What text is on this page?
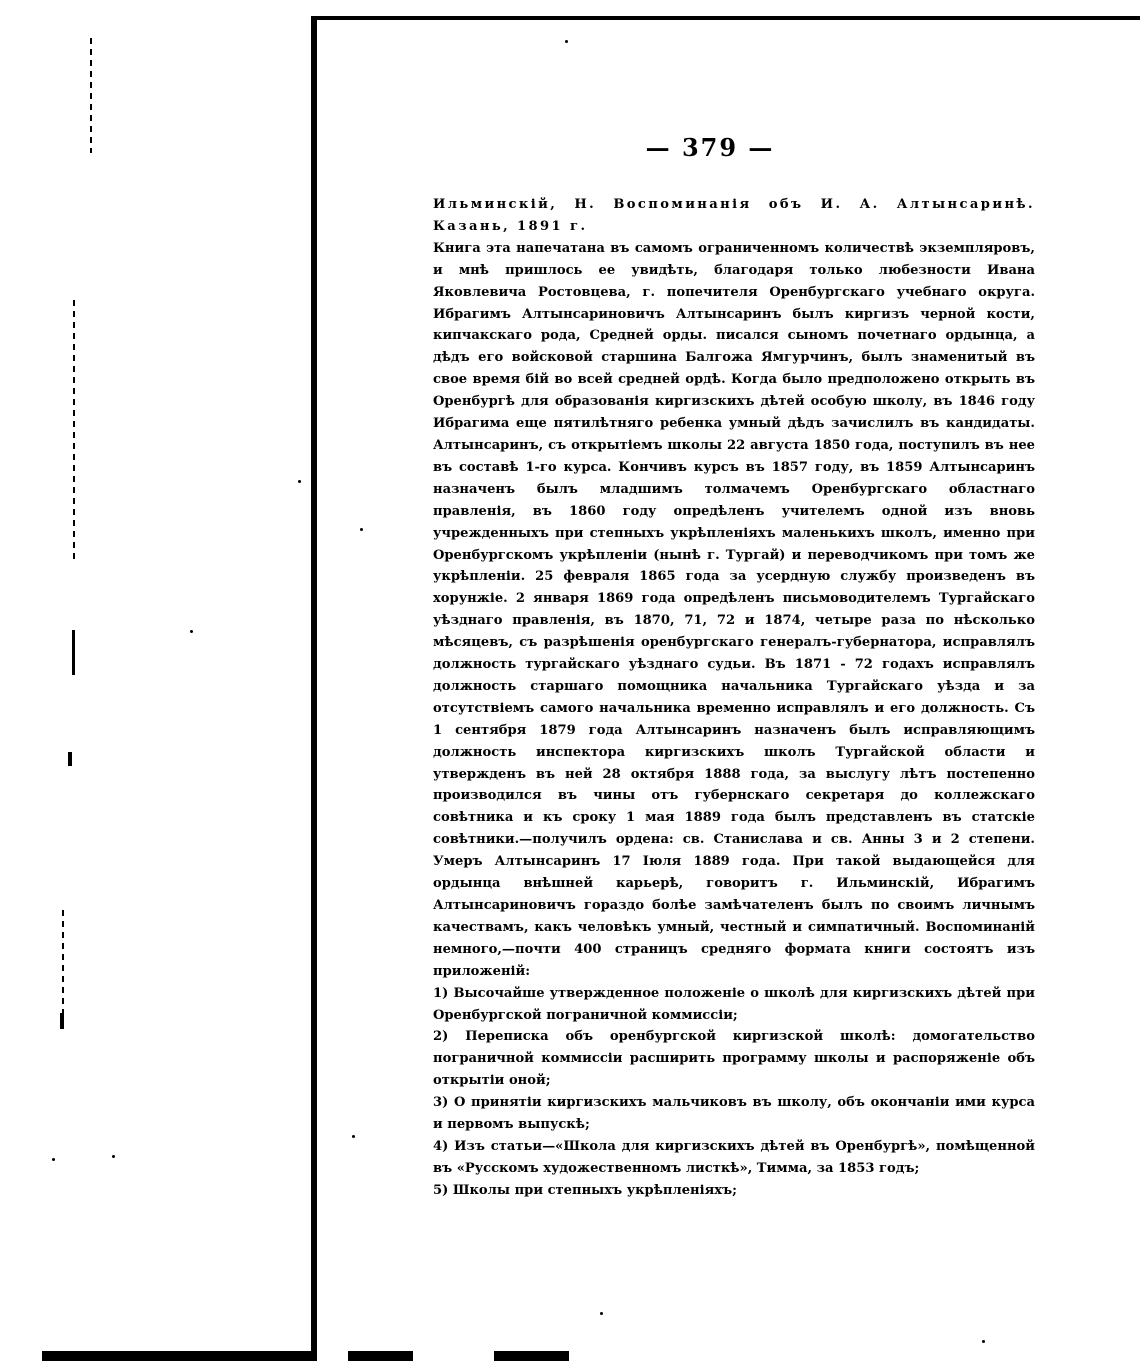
— 379 —

Ильминскій, Н. Воспоминанія объ И. А. Алтынсаринѣ. Казань, 1891 г.

Книга эта напечатана въ самомъ ограниченномъ количествѣ экземпляровъ, и мнѣ пришлось ее увидѣть, благодаря только любезности Ивана Яковлевича Ростовцева, г. попечителя Оренбургскаго учебнаго округа. Ибрагимъ Алтынсариновичъ Алтынсаринъ былъ киргизъ черной кости, кипчакскаго рода, Средней орды. писался сыномъ почетнаго ордынца, а дѣдъ его войсковой старшина Балгожа Ямгурчинъ, былъ знаменитый въ свое время бій во всей средней ордѣ. Когда было предположено открыть въ Оренбургѣ для образованія киргизскихъ дѣтей особую школу, въ 1846 году Ибрагима еще пятилѣтняго ребенка умный дѣдъ зачислилъ въ кандидаты. Алтынсаринъ, съ открытіемъ школы 22 августа 1850 года, поступилъ въ нее въ составѣ 1-го курса. Кончивъ курсъ въ 1857 году, въ 1859 Алтынсаринъ назначенъ былъ младшимъ толмачемъ Оренбургскаго областнаго правленія, въ 1860 году опредѣленъ учителемъ одной изъ вновь учрежденныхъ при степныхъ укрѣпленіяхъ маленькихъ школъ, именно при Оренбургскомъ укрѣпленіи (нынѣ г. Тургай) и переводчикомъ при томъ же укрѣпленіи. 25 февраля 1865 года за усердную службу произведенъ въ хорунжіе. 2 января 1869 года опредѣленъ письмоводителемъ Тургайскаго уѣзднаго правленія, въ 1870, 71, 72 и 1874, четыре раза по нѣсколько мѣсяцевъ, съ разрѣшенія оренбургскаго генералъ-губернатора, исправлялъ должность тургайскаго уѣзднаго судьи. Въ 1871 - 72 годахъ исправлялъ должность старшаго помощника начальника Тургайскаго уѣзда и за отсутствіемъ самого начальника временно исправлялъ и его должность. Съ 1 сентября 1879 года Алтынсаринъ назначенъ былъ исправляющимъ должность инспектора киргизскихъ школъ Тургайской области и утвержденъ въ ней 28 октября 1888 года, за выслугу лѣтъ постепенно производился въ чины отъ губернскаго секретаря до коллежскаго совѣтника и къ сроку 1 мая 1889 года былъ представленъ въ статскіе совѣтники.—получилъ ордена: св. Станислава и св. Анны 3 и 2 степени. Умеръ Алтынсаринъ 17 Іюля 1889 года. При такой выдающейся для ордынца внѣшней карьерѣ, говоритъ г. Ильминскій, Ибрагимъ Алтынсариновичъ гораздо болѣе замѣчателенъ былъ по своимъ личнымъ качествамъ, какъ человѣкъ умный, честный и симпатичный. Воспоминаній немного,—почти 400 страницъ средняго формата книги состоятъ изъ приложеній:

1) Высочайше утвержденное положеніе о школѣ для киргизскихъ дѣтей при Оренбургской пограничной коммиссіи;

2) Переписка объ оренбургской киргизской школѣ: домогательство пограничной коммиссіи расширить программу школы и распоряженіе объ открытіи оной;

3) О принятіи киргизскихъ мальчиковъ въ школу, объ окончаніи ими курса и первомъ выпускѣ;

4) Изъ статьи—«Школа для киргизскихъ дѣтей въ Оренбургѣ», помѣщенной въ «Русскомъ художественномъ листкѣ», Тимма, за 1853 годъ;

5) Школы при степныхъ укрѣпленіяхъ;
